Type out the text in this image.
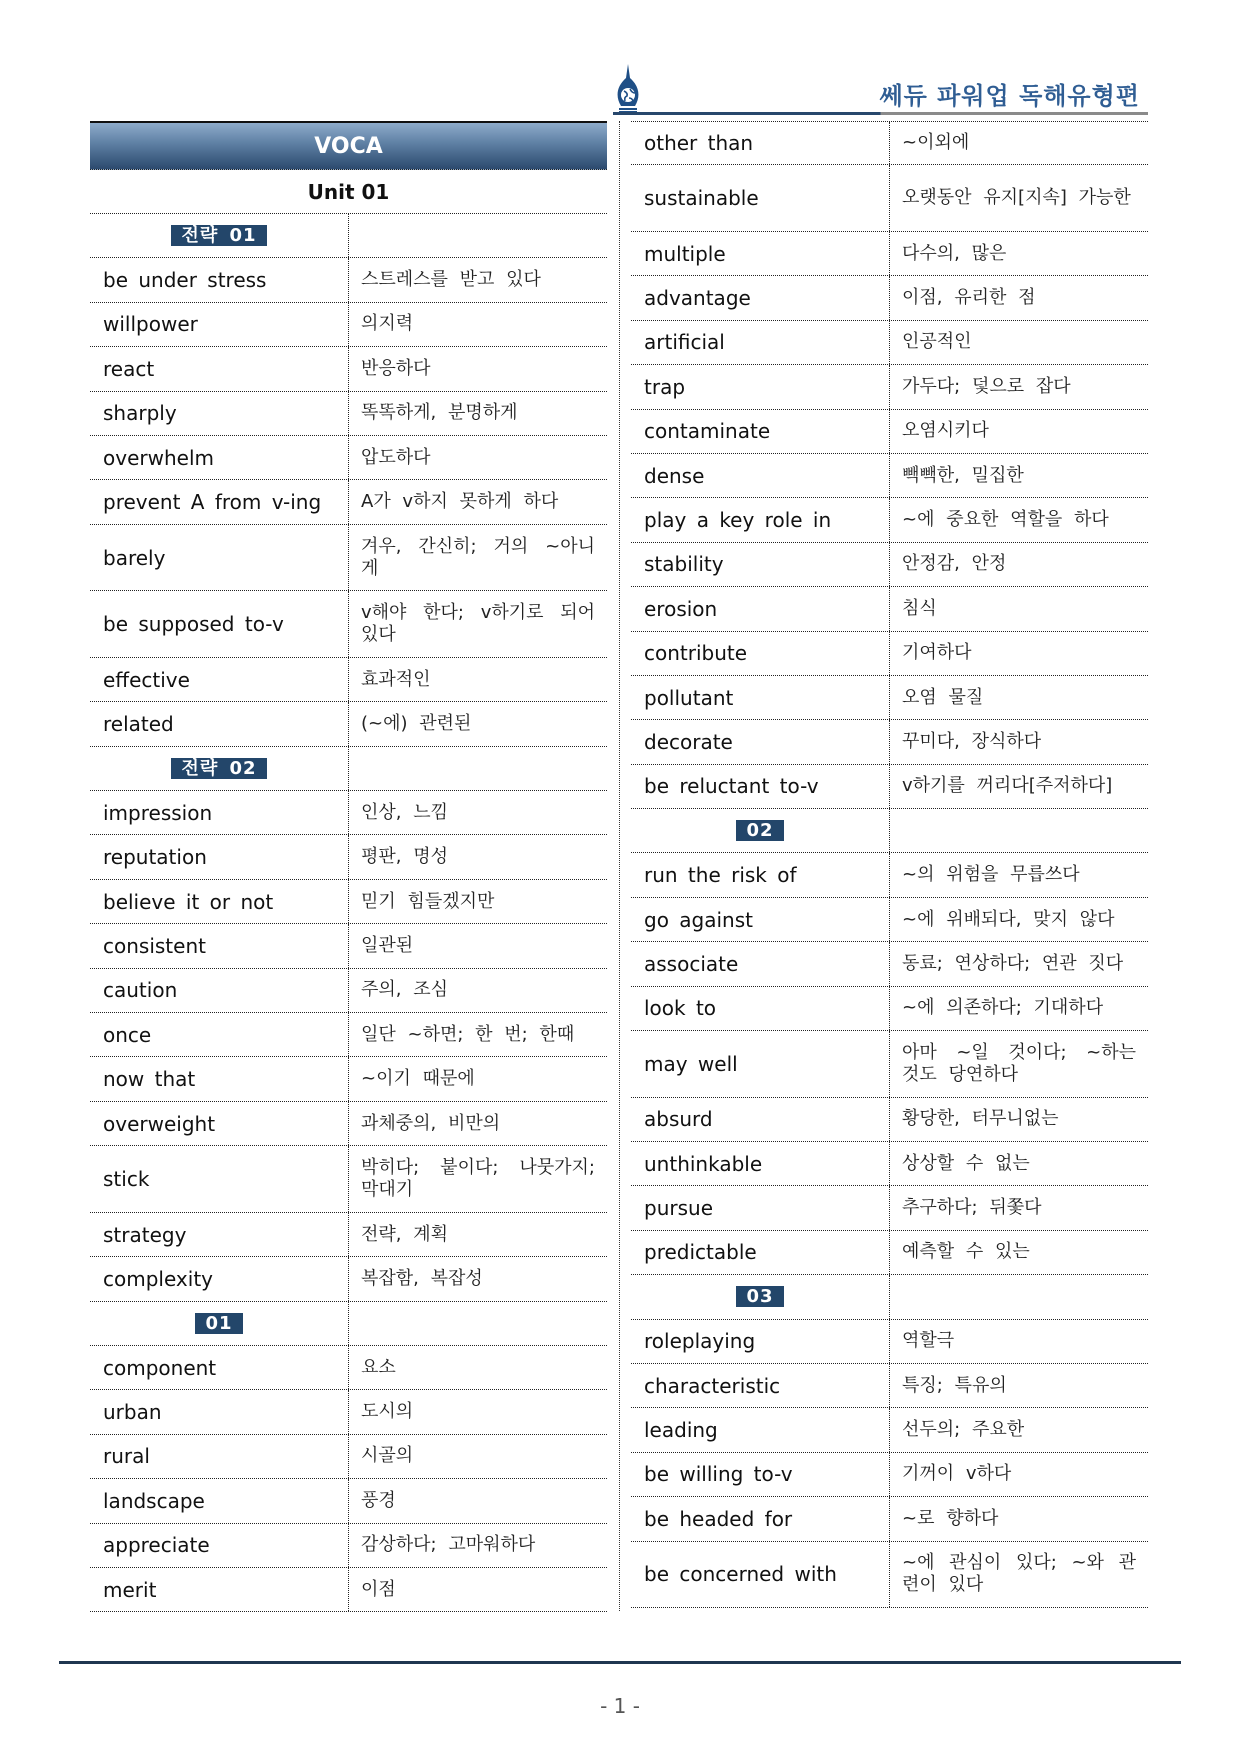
쎄듀 파워업 독해유형편
VOCA
Unit 01
전략 01
be under stress	스트레스를 받고 있다
willpower	의지력
react	반응하다
sharply	똑똑하게, 분명하게
overwhelm	압도하다
prevent A from v-ing	A가 v하지 못하게 하다
barely	겨우, 간신히; 거의 ~아니게
be supposed to-v	v해야 한다; v하기로 되어 있다
effective	효과적인
related	(~에) 관련된
전략 02
impression	인상, 느낌
reputation	평판, 명성
believe it or not	믿기 힘들겠지만
consistent	일관된
caution	주의, 조심
once	일단 ~하면; 한 번; 한때
now that	~이기 때문에
overweight	과체중의, 비만의
stick	박히다; 붙이다; 나뭇가지; 막대기
strategy	전략, 계획
complexity	복잡함, 복잡성
01
component	요소
urban	도시의
rural	시골의
landscape	풍경
appreciate	감상하다; 고마워하다
merit	이점
other than	~이외에
sustainable	오랫동안 유지[지속] 가능한
multiple	다수의, 많은
advantage	이점, 유리한 점
artificial	인공적인
trap	가두다; 덫으로 잡다
contaminate	오염시키다
dense	빽빽한, 밀집한
play a key role in	~에 중요한 역할을 하다
stability	안정감, 안정
erosion	침식
contribute	기여하다
pollutant	오염 물질
decorate	꾸미다, 장식하다
be reluctant to-v	v하기를 꺼리다[주저하다]
02
run the risk of	~의 위험을 무릅쓰다
go against	~에 위배되다, 맞지 않다
associate	동료; 연상하다; 연관 짓다
look to	~에 의존하다; 기대하다
may well	아마 ~일 것이다; ~하는 것도 당연하다
absurd	황당한, 터무니없는
unthinkable	상상할 수 없는
pursue	추구하다; 뒤쫓다
predictable	예측할 수 있는
03
roleplaying	역할극
characteristic	특징; 특유의
leading	선두의; 주요한
be willing to-v	기꺼이 v하다
be headed for	~로 향하다
be concerned with	~에 관심이 있다; ~와 관련이 있다
- 1 -
